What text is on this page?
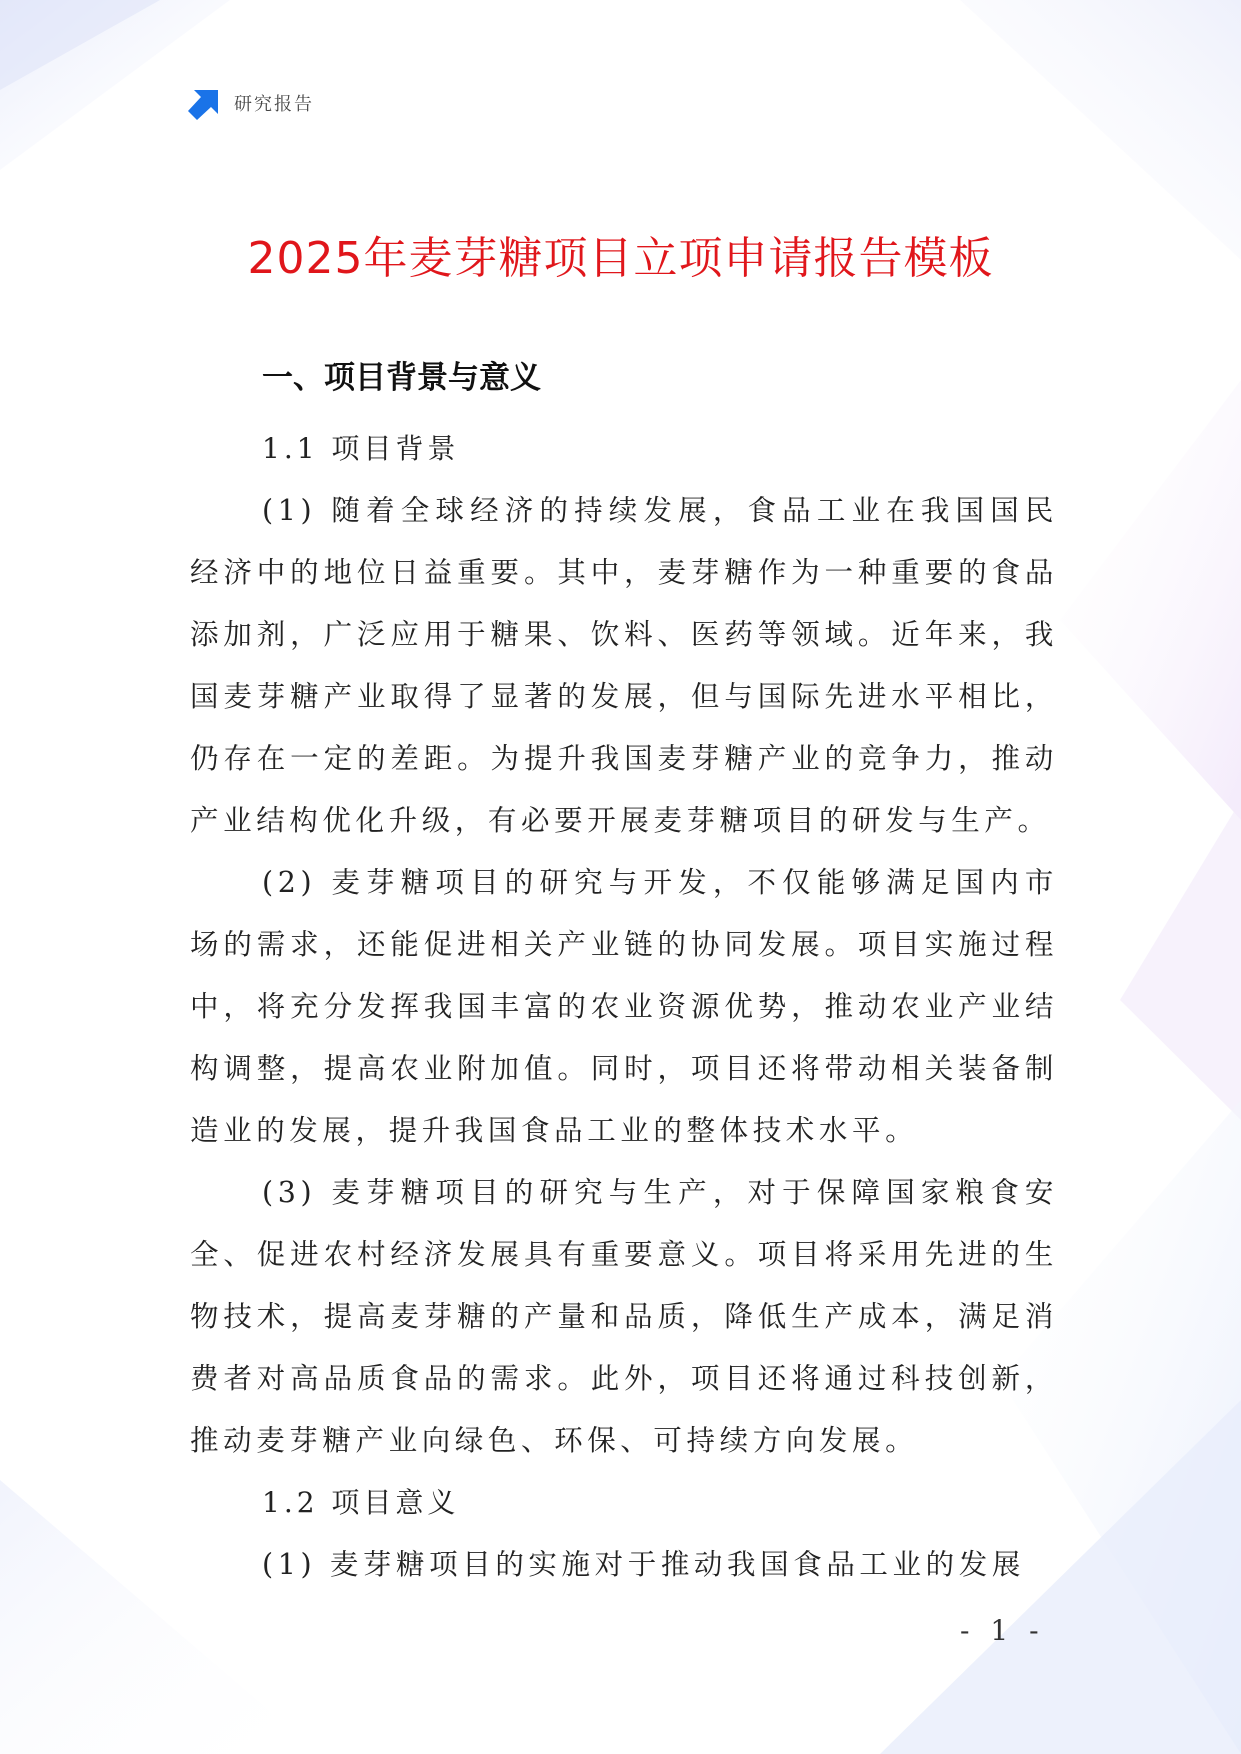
研究报告
2025年麦芽糖项目立项申请报告模板
一、项目背景与意义
1.1 项目背景

(1) 随着全球经济的持续发展，食品工业在我国国民经济中的地位日益重要。其中，麦芽糖作为一种重要的食品添加剂，广泛应用于糖果、饮料、医药等领域。近年来，我国麦芽糖产业取得了显著的发展，但与国际先进水平相比，仍存在一定的差距。为提升我国麦芽糖产业的竞争力，推动产业结构优化升级，有必要开展麦芽糖项目的研发与生产。

(2) 麦芽糖项目的研究与开发，不仅能够满足国内市场的需求，还能促进相关产业链的协同发展。项目实施过程中，将充分发挥我国丰富的农业资源优势，推动农业产业结构调整，提高农业附加值。同时，项目还将带动相关装备制造业的发展，提升我国食品工业的整体技术水平。

(3) 麦芽糖项目的研究与生产，对于保障国家粮食安全、促进农村经济发展具有重要意义。项目将采用先进的生物技术，提高麦芽糖的产量和品质，降低生产成本，满足消费者对高品质食品的需求。此外，项目还将通过科技创新，推动麦芽糖产业向绿色、环保、可持续方向发展。

1.2 项目意义

(1) 麦芽糖项目的实施对于推动我国食品工业的发展

- 1 -
